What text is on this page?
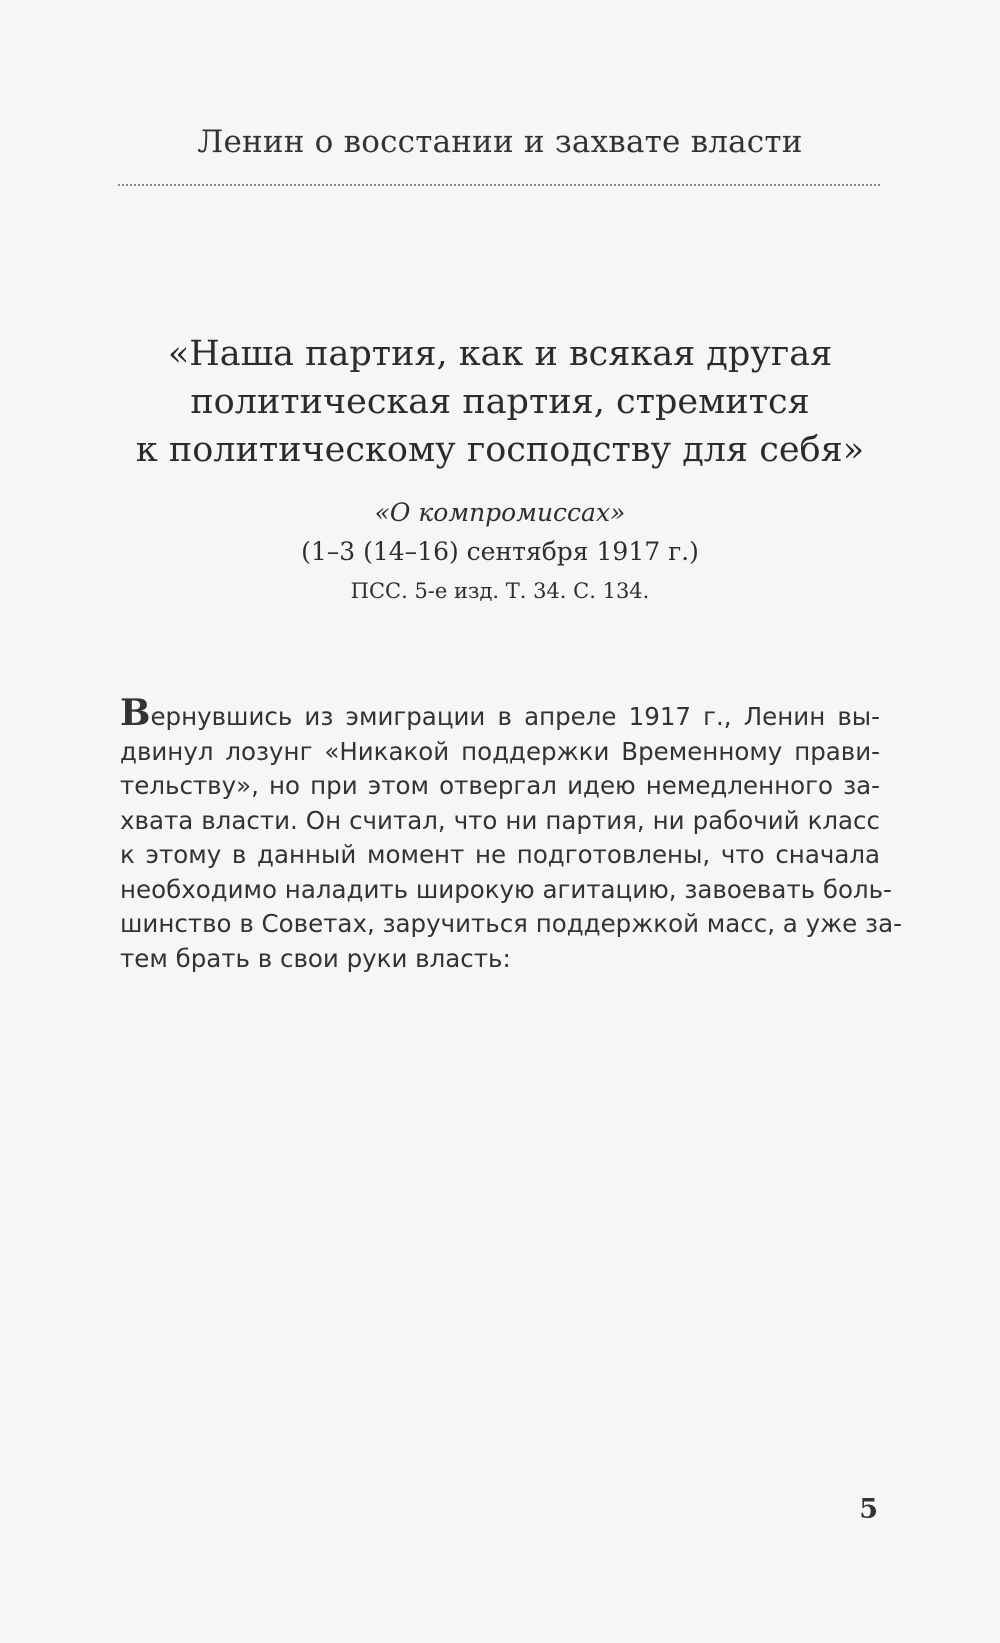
Ленин о восстании и захвате власти
«Наша партия, как и всякая другая
политическая партия, стремится
к политическому господству для себя»
«О компромиссах»
(1–3 (14–16) сентября 1917 г.)
ПСС. 5-е изд. Т. 34. С. 134.
Вернувшись из эмиграции в апреле 1917 г., Ленин вы-
двинул лозунг «Никакой поддержки Временному прави-
тельству», но при этом отвергал идею немедленного за-
хвата власти. Он считал, что ни партия, ни рабочий класс
к этому в данный момент не подготовлены, что сначала
необходимо наладить широкую агитацию, завоевать боль-
шинство в Советах, заручиться поддержкой масс, а уже за-
тем брать в свои руки власть:
5
